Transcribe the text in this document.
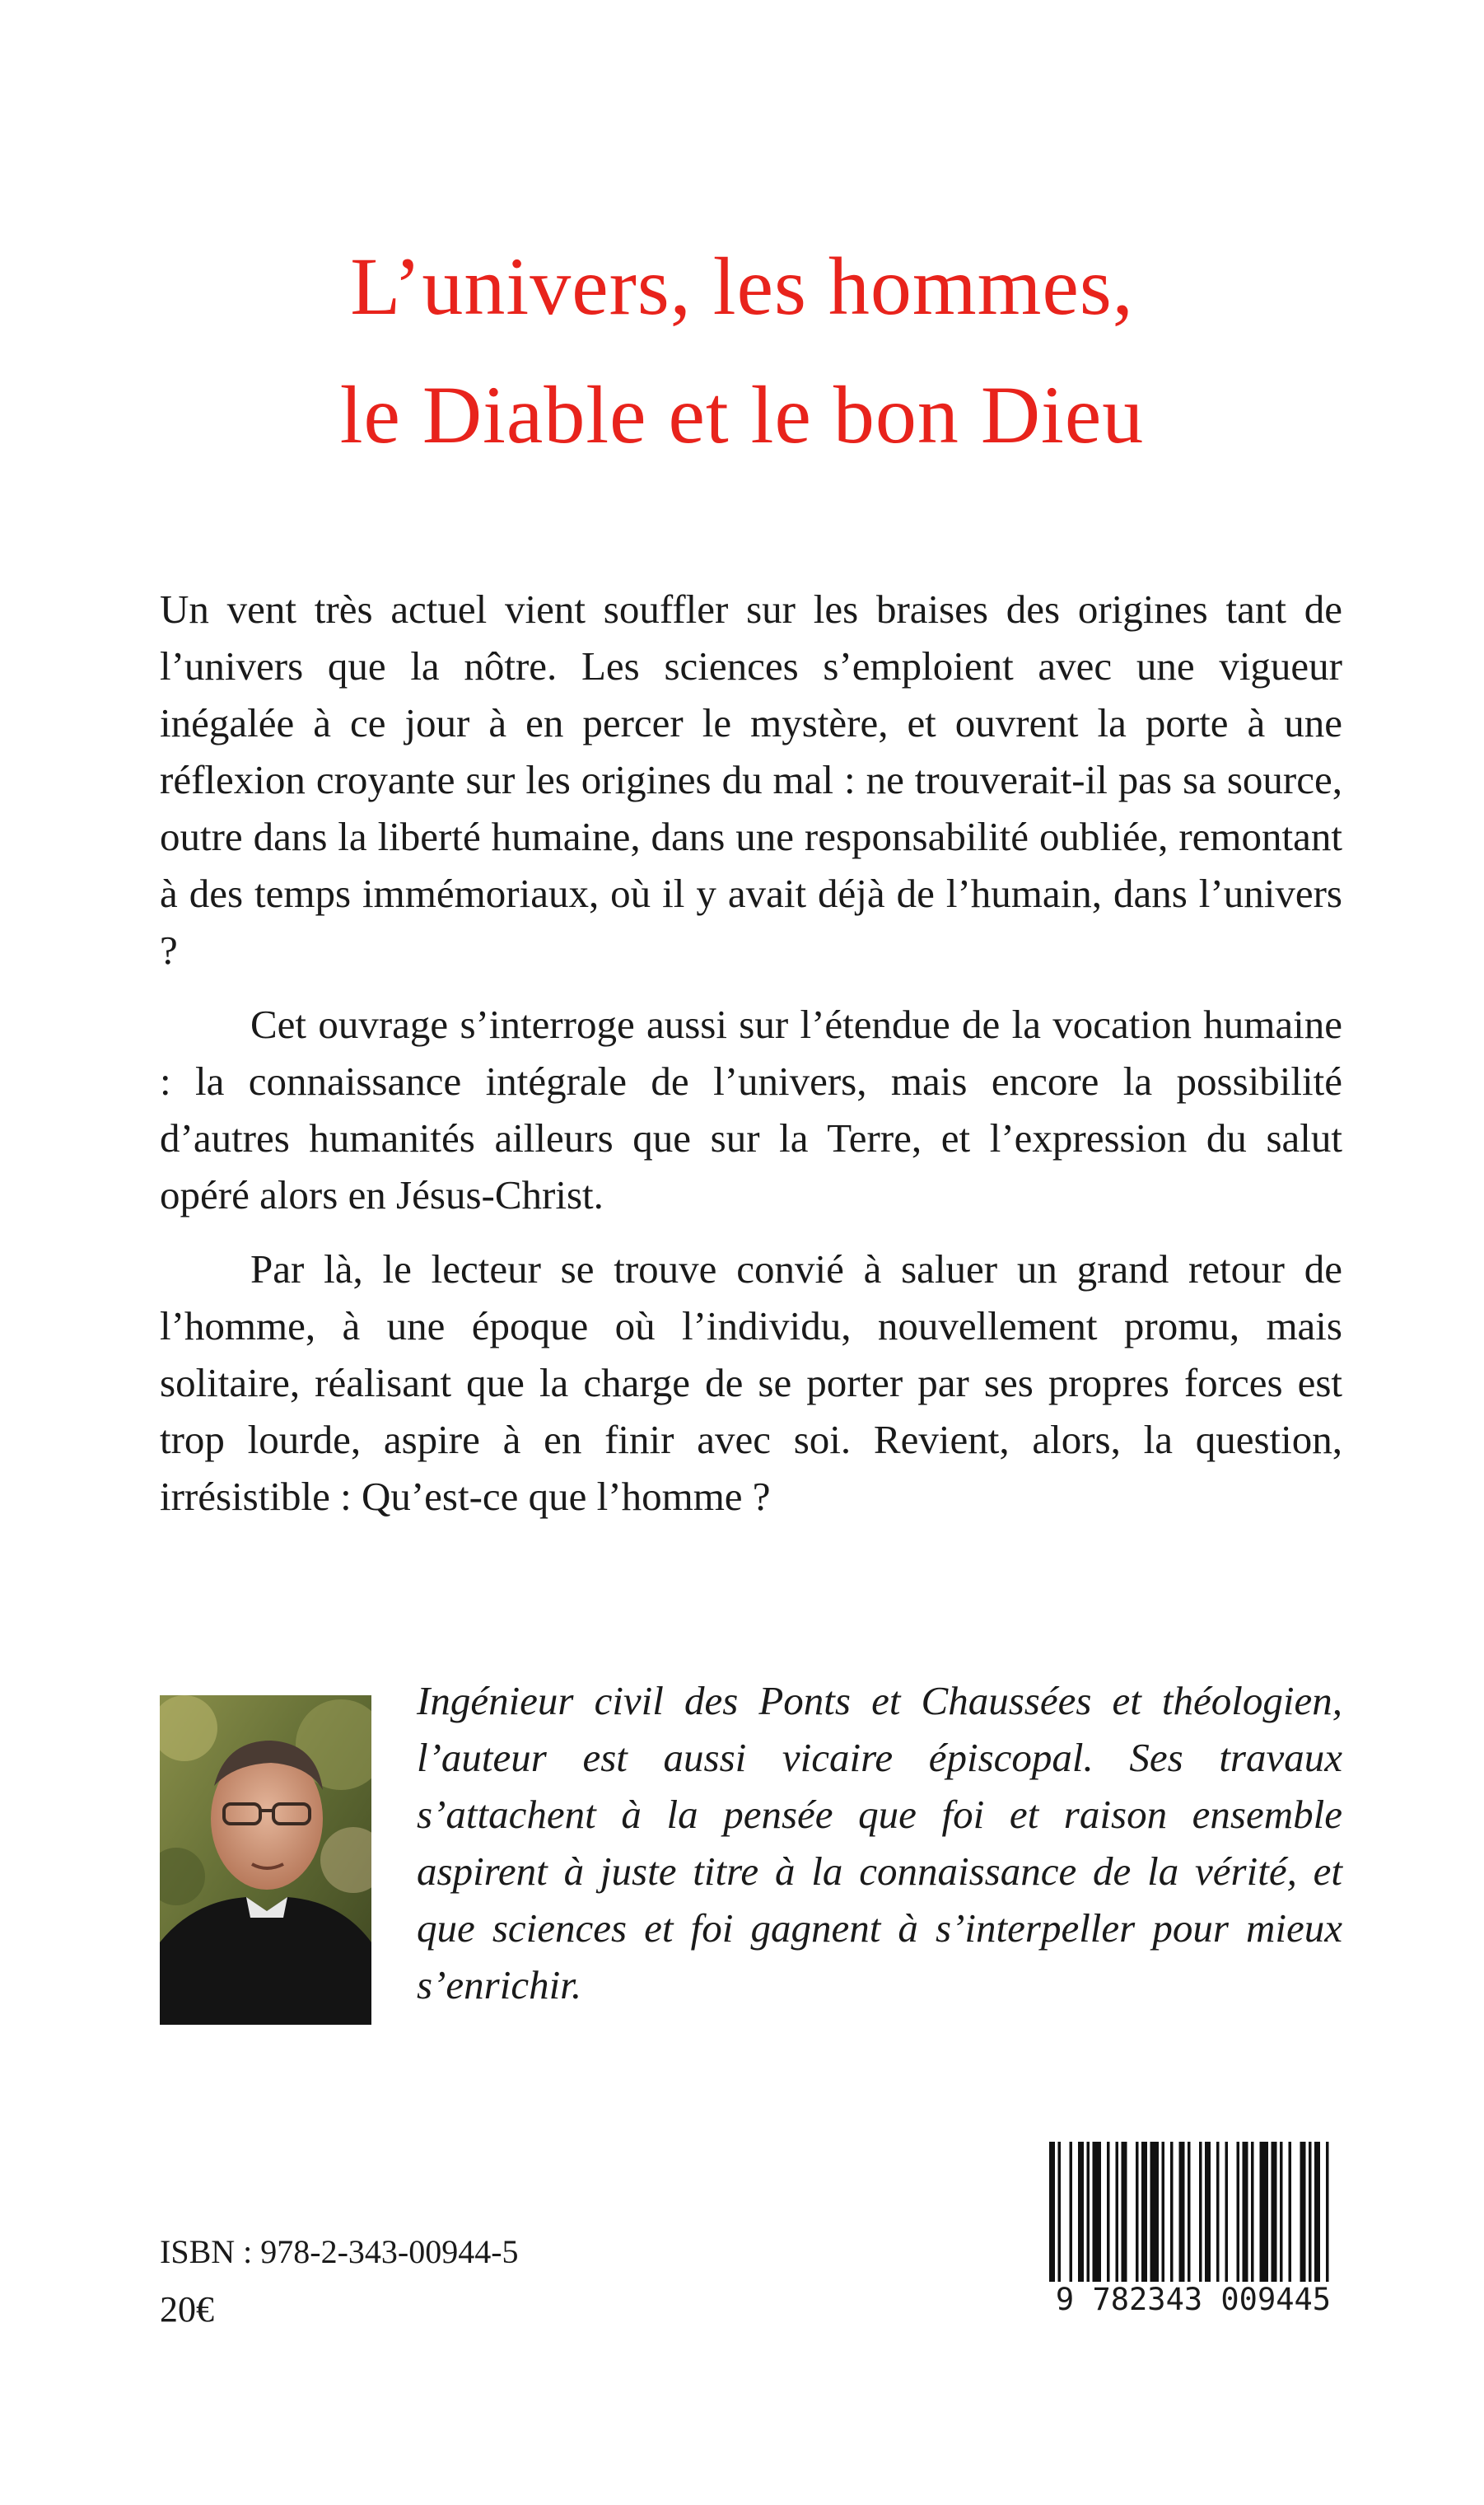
L’univers, les hommes,
le Diable et le bon Dieu

Un vent très actuel vient souffler sur les braises des origines tant de l’univers que la nôtre. Les sciences s’emploient avec une vigueur inégalée à ce jour à en percer le mystère, et ouvrent la porte à une réflexion croyante sur les origines du mal : ne trouverait-il pas sa source, outre dans la liberté humaine, dans une responsabilité oubliée, remontant à des temps immémoriaux, où il y avait déjà de l’humain, dans l’univers ?

Cet ouvrage s’interroge aussi sur l’étendue de la vocation humaine : la connaissance intégrale de l’univers, mais encore la possibilité d’autres humanités ailleurs que sur la Terre, et l’expression du salut opéré alors en Jésus-Christ.

Par là, le lecteur se trouve convié à saluer un grand retour de l’homme, à une époque où l’individu, nouvellement promu, mais solitaire, réalisant que la charge de se porter par ses propres forces est trop lourde, aspire à en finir avec soi. Revient, alors, la question, irrésistible : Qu’est-ce que l’homme ?

Ingénieur civil des Ponts et Chaussées et théologien, l’auteur est aussi vicaire épiscopal. Ses travaux s’attachent à la pensée que foi et raison ensemble aspirent à juste titre à la connaissance de la vérité, et que sciences et foi gagnent à s’interpeller pour mieux s’enrichir.
9 782343 009445
ISBN : 978-2-343-00944-5
20€
